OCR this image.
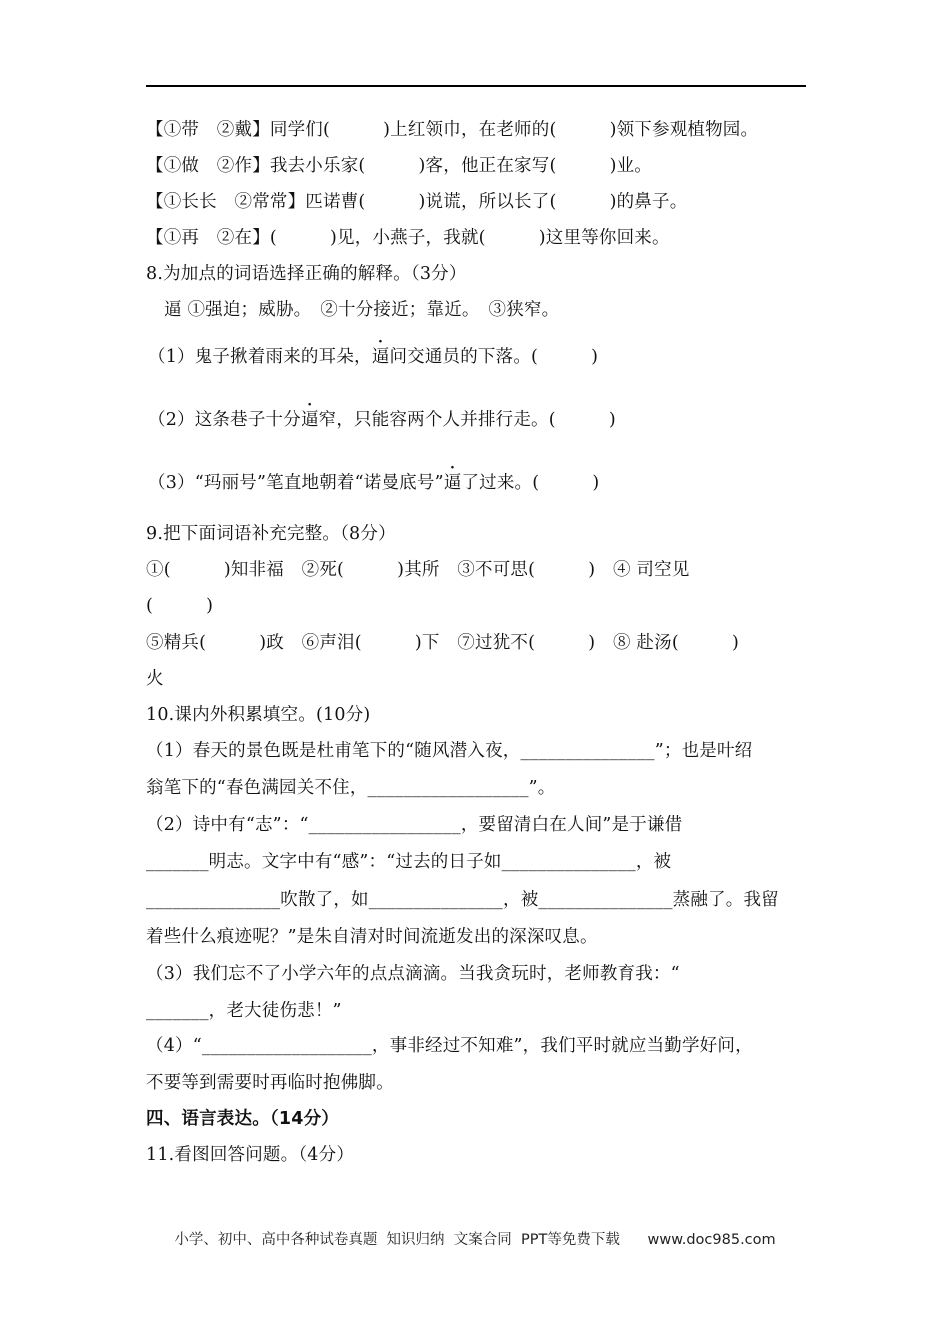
【①带　②戴】同学们(　　　)上红领巾，在老师的(　　　)领下参观植物园。
【①做　②作】我去小乐家(　　　)客，他正在家写(　　　)业。
【①长长　②常常】匹诺曹(　　　)说谎，所以长了(　　　)的鼻子。
【①再　②在】(　　　)见，小燕子，我就(　　　)这里等你回来。
8.为加点的词语选择正确的解释。（3分）
逼 ①强迫；威胁。　②十分接近；靠近。　③狭窄。
（1）鬼子揪着雨来的耳朵，逼问交通员的下落。(　　　)
（2）这条巷子十分逼窄，只能容两个人并排行走。(　　　)
（3）“玛丽号”笔直地朝着“诺曼底号”逼了过来。(　　　)
9.把下面词语补充完整。（8分）
①(　　　)知非福　②死(　　　)其所　③不可思(　　　)　④ 司空见
(　　　)
⑤精兵(　　　)政　⑥声泪(　　　)下　⑦过犹不(　　　)　⑧ 赴汤(　　　)
火
10.课内外积累填空。(10分)
（1）春天的景色既是杜甫笔下的“随风潜入夜，_______________”；也是叶绍
翁笔下的“春色满园关不住，__________________”。
（2）诗中有“志”：“_________________，要留清白在人间”是于谦借
_______明志。文字中有“感”：“过去的日子如_______________，被
_______________吹散了，如_______________，被_______________蒸融了。我留
着些什么痕迹呢？”是朱自清对时间流逝发出的深深叹息。
（3）我们忘不了小学六年的点点滴滴。当我贪玩时，老师教育我：“
_______，老大徒伤悲！”
（4）“___________________，事非经过不知难”，我们平时就应当勤学好问，
不要等到需要时再临时抱佛脚。
四、语言表达。（14分）
11.看图回答问题。（4分）
小学、初中、高中各种试卷真题  知识归纳  文案合同  PPT等免费下载      www.doc985.com
